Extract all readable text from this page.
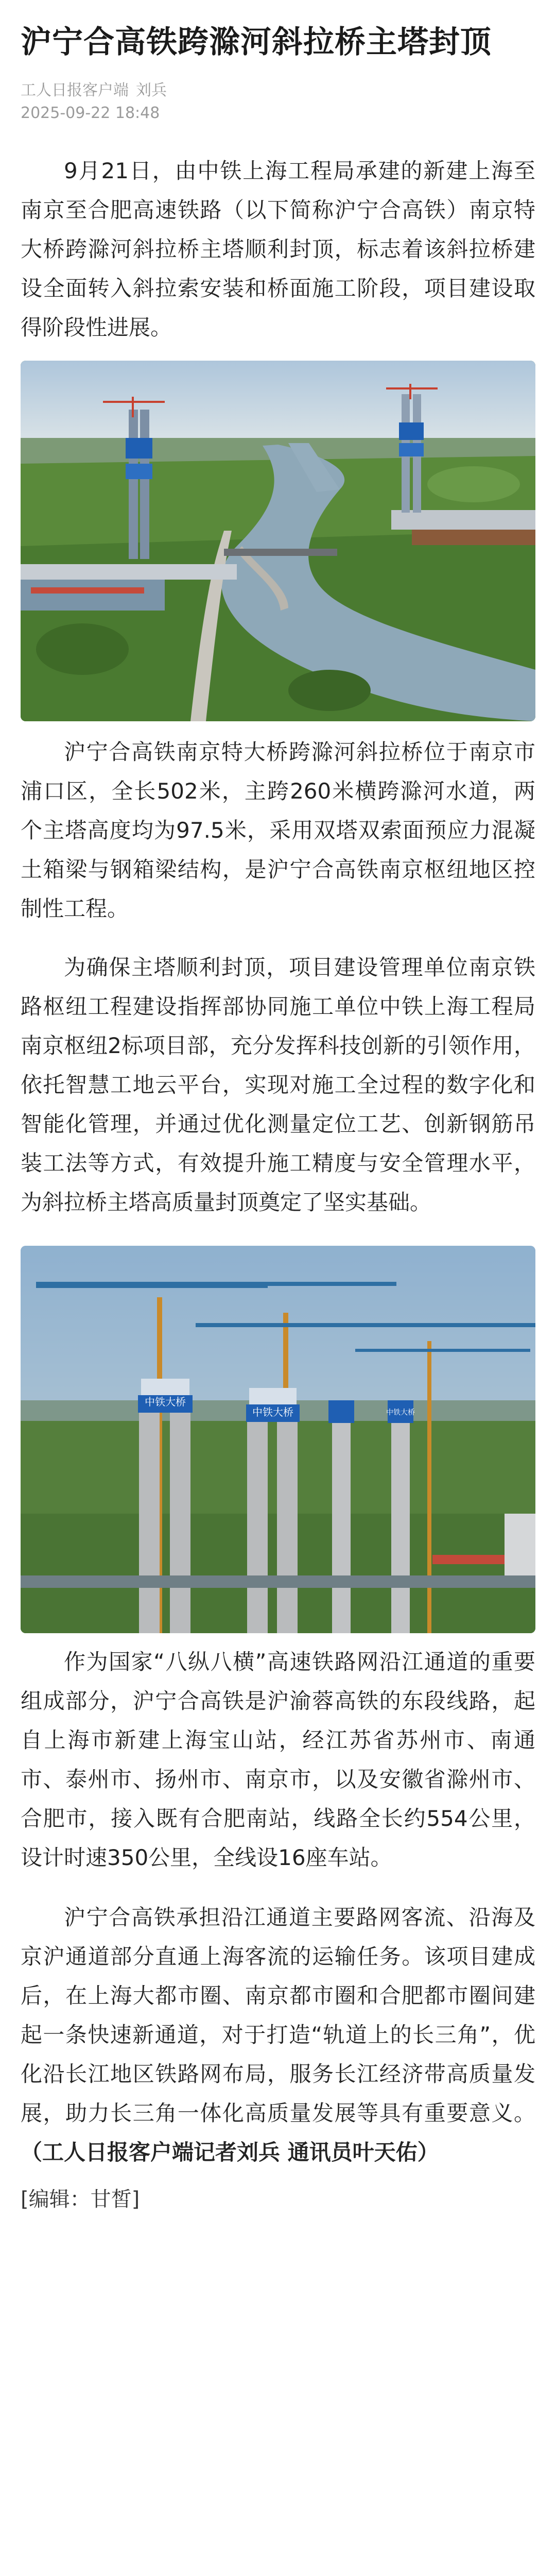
沪宁合高铁跨滁河斜拉桥主塔封顶
工人日报客户端 刘兵
2025-09-22 18:48

9月21日，由中铁上海工程局承建的新建上海至南京至合肥高速铁路（以下简称沪宁合高铁）南京特大桥跨滁河斜拉桥主塔顺利封顶，标志着该斜拉桥建设全面转入斜拉索安装和桥面施工阶段，项目建设取得阶段性进展。

沪宁合高铁南京特大桥跨滁河斜拉桥位于南京市浦口区，全长502米，主跨260米横跨滁河水道，两个主塔高度均为97.5米，采用双塔双索面预应力混凝土箱梁与钢箱梁结构，是沪宁合高铁南京枢纽地区控制性工程。

为确保主塔顺利封顶，项目建设管理单位南京铁路枢纽工程建设指挥部协同施工单位中铁上海工程局南京枢纽2标项目部，充分发挥科技创新的引领作用，依托智慧工地云平台，实现对施工全过程的数字化和智能化管理，并通过优化测量定位工艺、创新钢筋吊装工法等方式，有效提升施工精度与安全管理水平，为斜拉桥主塔高质量封顶奠定了坚实基础。

中铁大桥
中铁大桥	中铁大桥

作为国家“八纵八横”高速铁路网沿江通道的重要组成部分，沪宁合高铁是沪渝蓉高铁的东段线路，起自上海市新建上海宝山站，经江苏省苏州市、南通市、泰州市、扬州市、南京市，以及安徽省滁州市、合肥市，接入既有合肥南站，线路全长约554公里，设计时速350公里，全线设16座车站。

沪宁合高铁承担沿江通道主要路网客流、沿海及京沪通道部分直通上海客流的运输任务。该项目建成后，在上海大都市圈、南京都市圈和合肥都市圈间建起一条快速新通道，对于打造“轨道上的长三角”，优化沿长江地区铁路网布局，服务长江经济带高质量发展，助力长三角一体化高质量发展等具有重要意义。 （工人日报客户端记者刘兵 通讯员叶天佑）

[编辑：甘皙]
